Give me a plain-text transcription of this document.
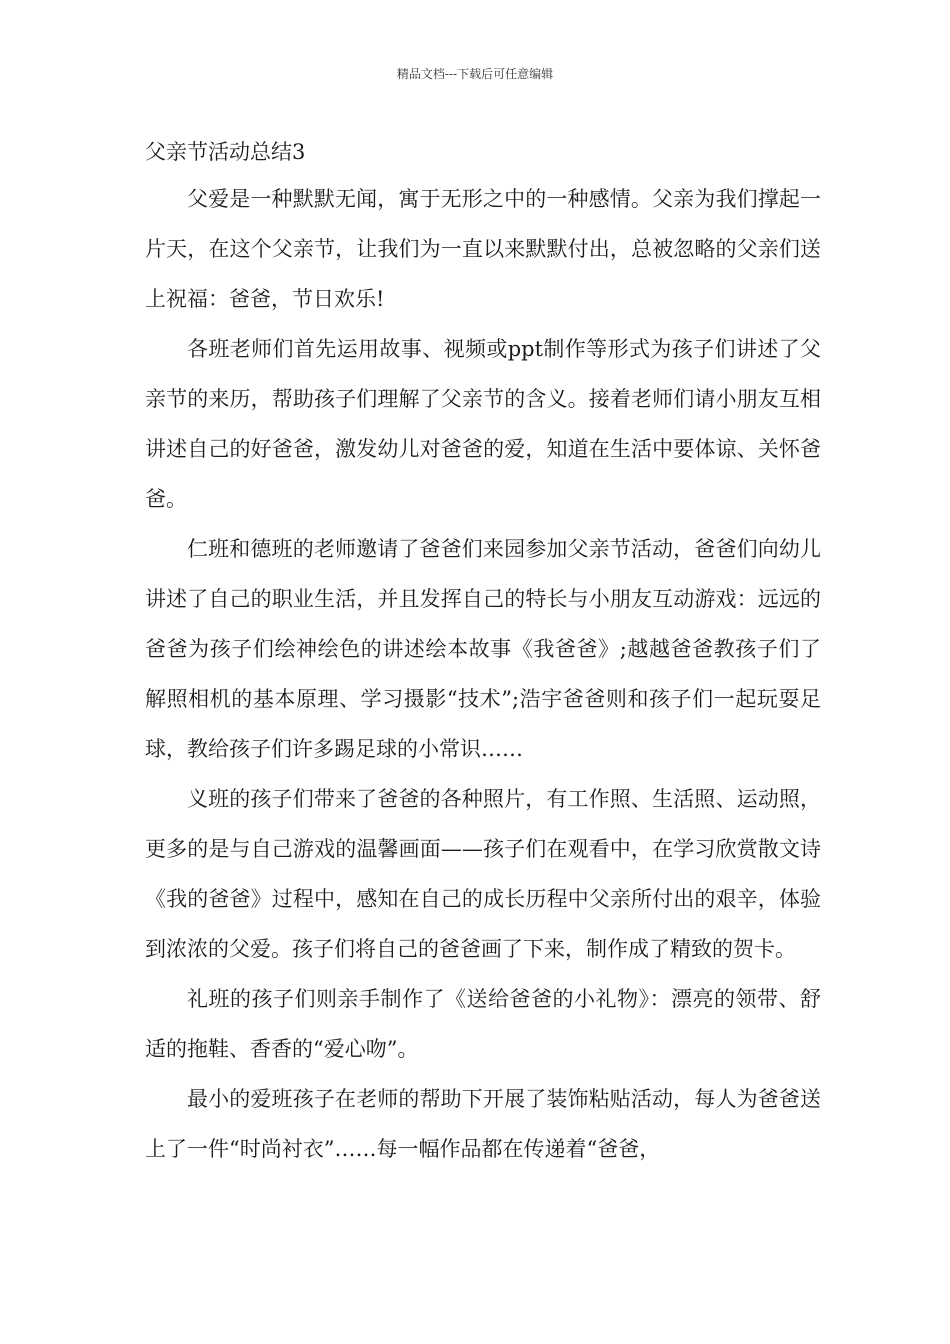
精品文档---下载后可任意编辑
父亲节活动总结3

父爱是一种默默无闻，寓于无形之中的一种感情。父亲为我们撑起一片天，在这个父亲节，让我们为一直以来默默付出，总被忽略的父亲们送上祝福：爸爸，节日欢乐!

各班老师们首先运用故事、视频或ppt制作等形式为孩子们讲述了父亲节的来历，帮助孩子们理解了父亲节的含义。接着老师们请小朋友互相讲述自己的好爸爸，激发幼儿对爸爸的爱，知道在生活中要体谅、关怀爸爸。

仁班和德班的老师邀请了爸爸们来园参加父亲节活动，爸爸们向幼儿讲述了自己的职业生活，并且发挥自己的特长与小朋友互动游戏：远远的爸爸为孩子们绘神绘色的讲述绘本故事《我爸爸》;越越爸爸教孩子们了解照相机的基本原理、学习摄影“技术”;浩宇爸爸则和孩子们一起玩耍足球，教给孩子们许多踢足球的小常识……

义班的孩子们带来了爸爸的各种照片，有工作照、生活照、运动照，更多的是与自己游戏的温馨画面——孩子们在观看中，在学习欣赏散文诗《我的爸爸》过程中，感知在自己的成长历程中父亲所付出的艰辛，体验到浓浓的父爱。孩子们将自己的爸爸画了下来，制作成了精致的贺卡。

礼班的孩子们则亲手制作了《送给爸爸的小礼物》：漂亮的领带、舒适的拖鞋、香香的“爱心吻”。

最小的爱班孩子在老师的帮助下开展了装饰粘贴活动，每人为爸爸送上了一件“时尚衬衣”……每一幅作品都在传递着“爸爸，
